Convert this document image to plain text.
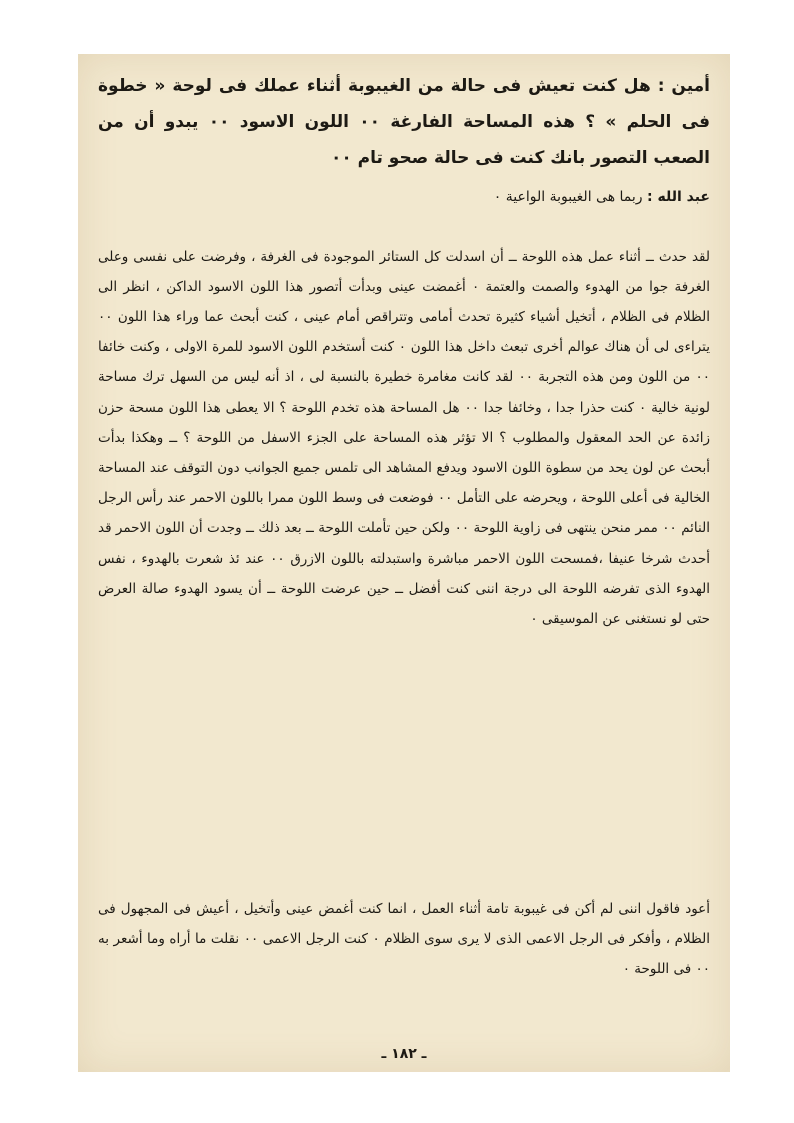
أمين : هل كنت تعيش فى حالة من الغيبوبة أثناء عملك فى لوحة « خطوة فى الحلم » ؟ هذه المساحة الفارغة ٠٠ اللون الاسود ٠٠ يبدو أن من الصعب التصور بانك كنت فى حالة صحو تام ٠٠
عبد الله : ربما هى الغيبوبة الواعية ٠

لقد حدث ــ أثناء عمل هذه اللوحة ــ أن اسدلت كل الستائر الموجودة فى الغرفة ، وفرضت على نفسى وعلى الغرفة جوا من الهدوء والصمت والعتمة ٠ أغمضت عينى وبدأت أتصور هذا اللون الاسود الداكن ، انظر الى الظلام فى الظلام ، أتخيل أشياء كثيرة تحدث أمامى وتتراقص أمام عينى ، كنت أبحث عما وراء هذا اللون ٠٠ يتراءى لى أن هناك عوالم أخرى تبعث داخل هذا اللون ٠ كنت أستخدم اللون الاسود للمرة الاولى ، وكنت خائفا ٠٠ من اللون ومن هذه التجربة ٠٠ لقد كانت مغامرة خطيرة بالنسبة لى ، اذ أنه ليس من السهل ترك مساحة لونية خالية ٠ كنت حذرا جدا ، وخائفا جدا ٠٠ هل المساحة هذه تخدم اللوحة ؟ الا يعطى هذا اللون مسحة حزن زائدة عن الحد المعقول والمطلوب ؟ الا تؤثر هذه المساحة على الجزء الاسفل من اللوحة ؟ ــ وهكذا بدأت أبحث عن لون يحد من سطوة اللون الاسود ويدفع المشاهد الى تلمس جميع الجوانب دون التوقف عند المساحة الخالية فى أعلى اللوحة ، ويحرضه على التأمل ٠٠ فوضعت فى وسط اللون ممرا باللون الاحمر عند رأس الرجل النائم ٠٠ ممر منحن ينتهى فى زاوية اللوحة ٠٠ ولكن حين تأملت اللوحة ــ بعد ذلك ــ وجدت أن اللون الاحمر قد أحدث شرخا عنيفا ،فمسحت اللون الاحمر مباشرة واستبدلته باللون الازرق ٠٠ عند ئذ شعرت بالهدوء ، نفس الهدوء الذى تفرضه اللوحة الى درجة اننى كنت أفضل ــ حين عرضت اللوحة ــ أن يسود الهدوء صالة العرض حتى لو نستغنى عن الموسيقى ٠

أعود فاقول اننى لم أكن فى غيبوبة تامة أثناء العمل ، انما كنت أغمض عينى وأتخيل ، أعيش فى المجهول فى الظلام ، وأفكر فى الرجل الاعمى الذى لا يرى سوى الظلام ٠ كنت الرجل الاعمى ٠٠ نقلت ما أراه وما أشعر به ٠٠ فى اللوحة ٠

ـ ١٨٢ ـ
